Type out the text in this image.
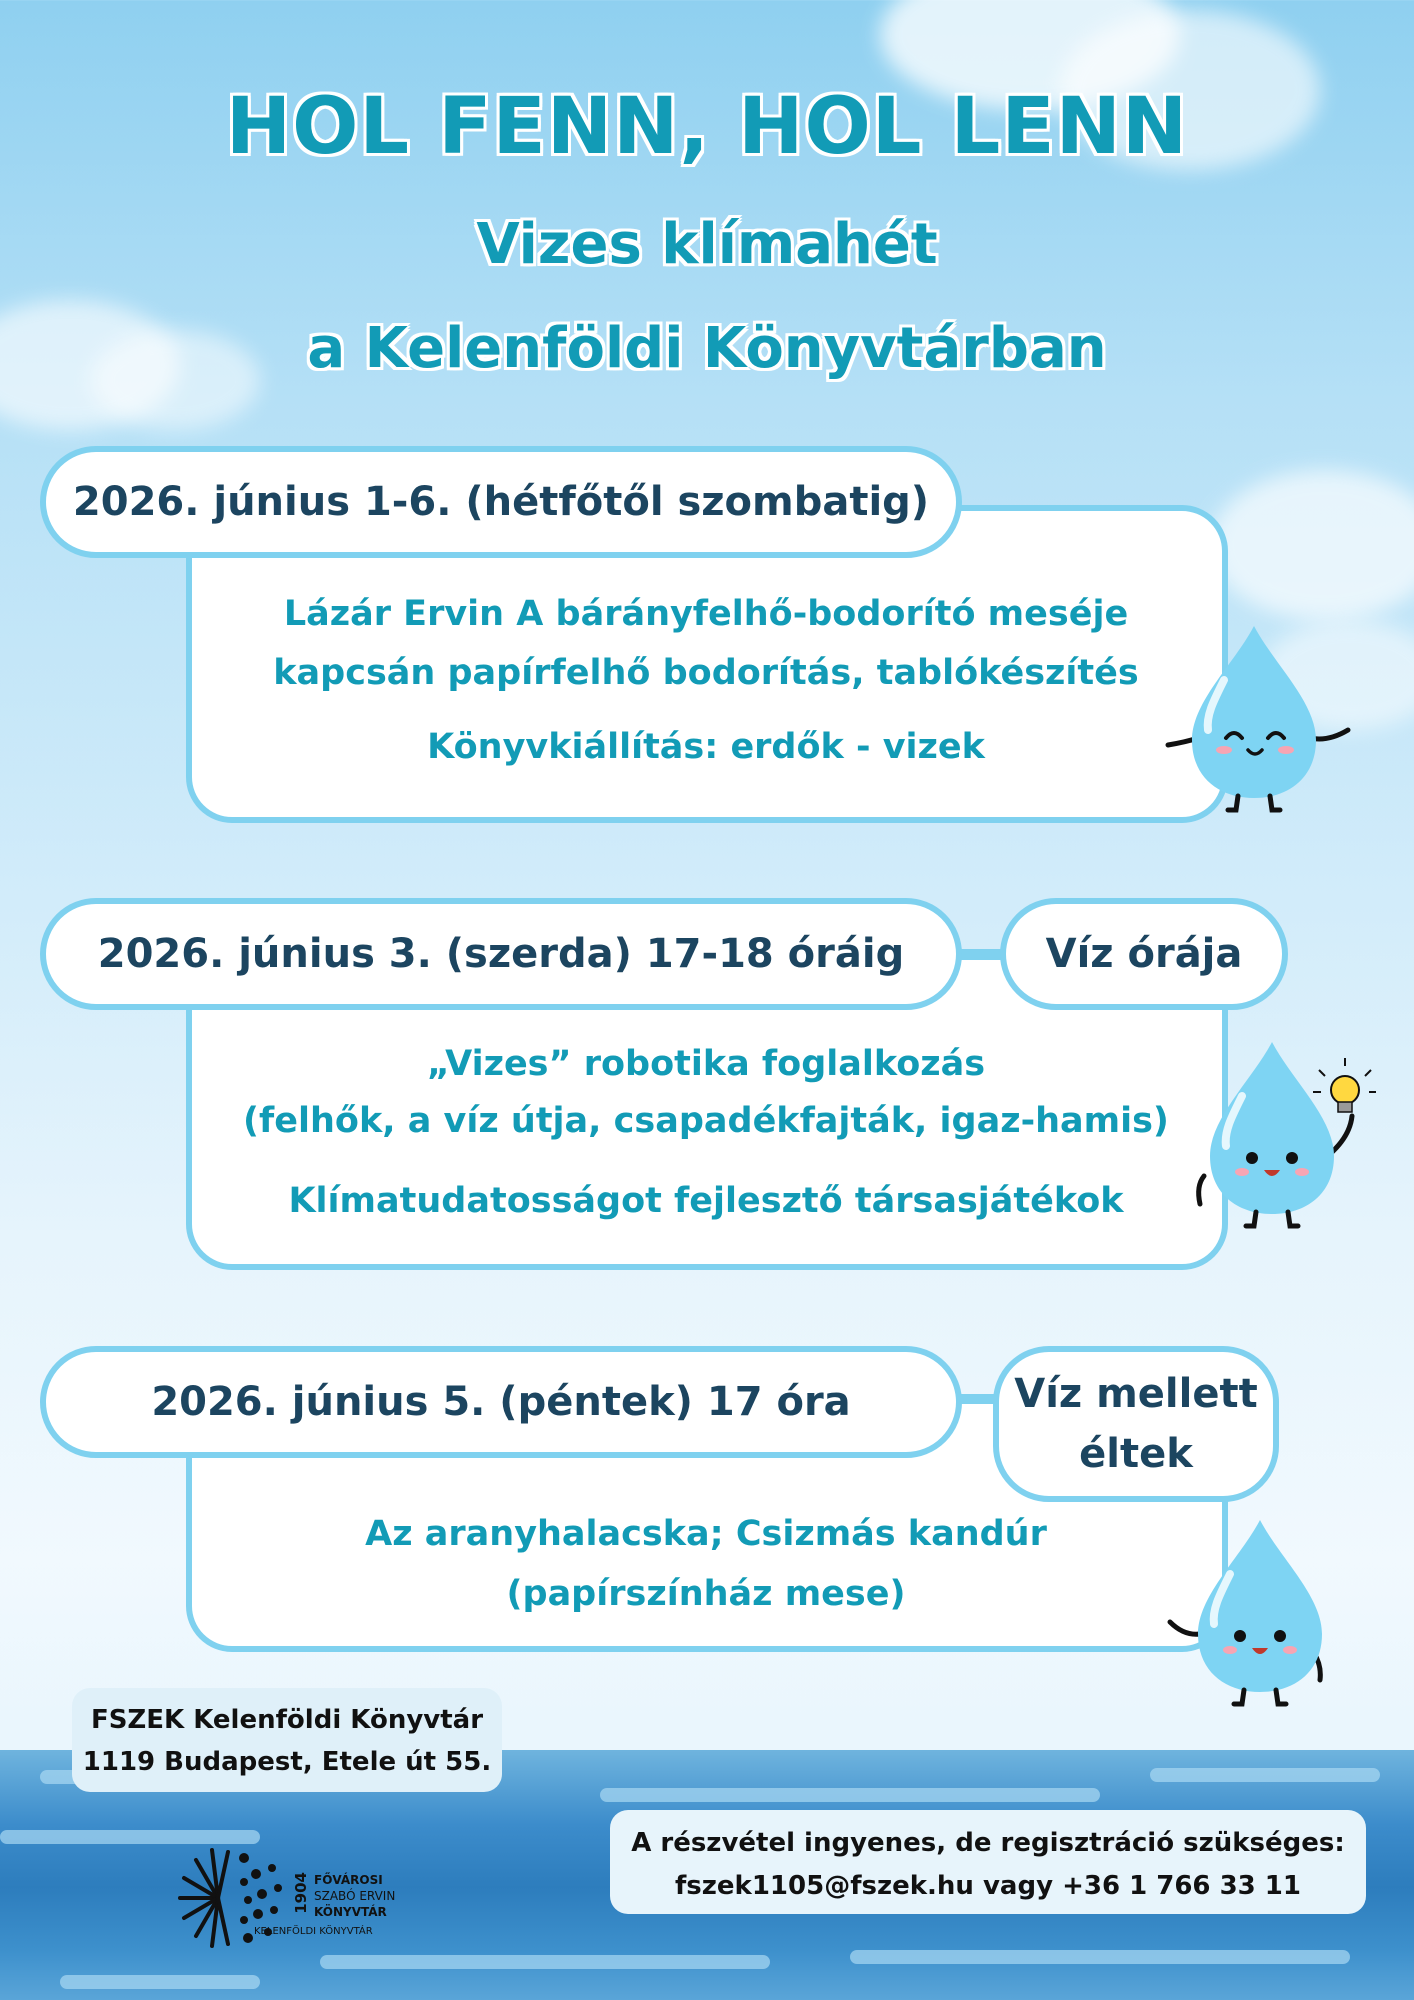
HOL FENN, HOL LENN
Vizes klímahét
a Kelenföldi Könyvtárban
2026. június 1-6. (hétfőtől szombatig)
Lázár Ervin A bárányfelhő-bodorító meséje
kapcsán papírfelhő bodorítás, tablókészítés
Könyvkiállítás: erdők - vizek
2026. június 3. (szerda) 17-18 óráig	Víz órája
„Vizes” robotika foglalkozás
(felhők, a víz útja, csapadékfajták, igaz-hamis)
Klímatudatosságot fejlesztő társasjátékok
2026. június 5. (péntek) 17 óra	Víz mellett
éltek
Az aranyhalacska; Csizmás kandúr
(papírszínház mese)
FSZEK Kelenföldi Könyvtár
1119 Budapest, Etele út 55.
A részvétel ingyenes, de regisztráció szükséges:
fszek1105@fszek.hu vagy +36 1 766 33 11
1904 FŐVÁROSI
SZABÓ ERVIN
KÖNYVTÁR
KELENFÖLDI KÖNYVTÁR
